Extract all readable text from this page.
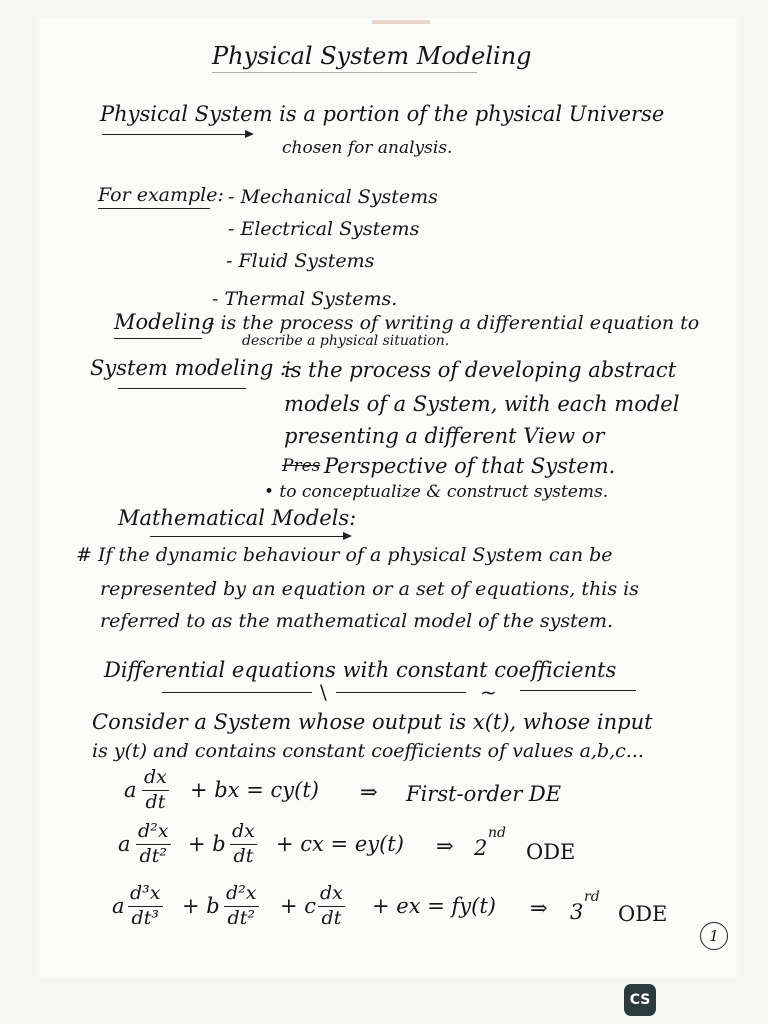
Physical System Modeling
Physical System is a portion of the physical Universe
chosen for analysis.
For example: - Mechanical Systems
- Electrical Systems
- Fluid Systems
- Thermal Systems.
Modeling
- is the process of writing a differential equation to
describe a physical situation.
System modeling :-
is the process of developing abstract
models of a System, with each model
presenting a different View or
Pres Perspective of that System.
• to conceptualize & construct systems.
Mathematical Models:
# If the dynamic behaviour of a physical System can be
represented by an equation or a set of equations, this is
referred to as the mathematical model of the system.
Differential equations with constant coefficients
\	~
Consider a System whose output is x(t), whose input
is y(t) and contains constant coefficients of values a,b,c...
a $\frac{dx}{dt}$ + bx = cy(t) ⇒ First-order DE
a $\frac{\text{d²x}}{\text{dt²}} + b \frac{dx}{dt}$ + cx = ey(t) ⇒ 2
nd
ODE
a $\frac{\text{d³x}}{\text{dt³}} + b \frac{\text{d²x}}{\text{dt²}} + c \frac{dx}{dt}$ + ex = fy(t) ⇒ 3
rd
ODE
1
CS
